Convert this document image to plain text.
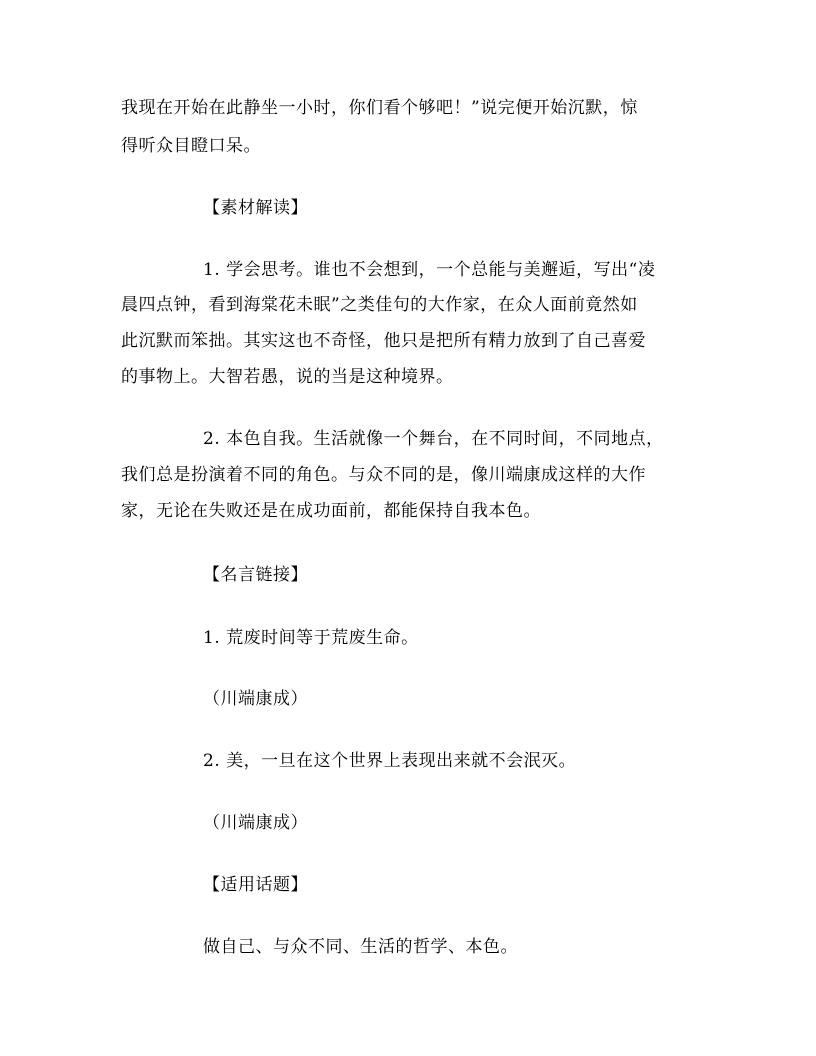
我现在开始在此静坐一小时，你们看个够吧！”说完便开始沉默，惊
得听众目瞪口呆。
【素材解读】
1. 学会思考。谁也不会想到，一个总能与美邂逅，写出“凌
晨四点钟，看到海棠花未眠”之类佳句的大作家，在众人面前竟然如
此沉默而笨拙。其实这也不奇怪，他只是把所有精力放到了自己喜爱
的事物上。大智若愚，说的当是这种境界。
2. 本色自我。生活就像一个舞台，在不同时间，不同地点，
我们总是扮演着不同的角色。与众不同的是，像川端康成这样的大作
家，无论在失败还是在成功面前，都能保持自我本色。
【名言链接】
1. 荒废时间等于荒废生命。
（川端康成）
2. 美，一旦在这个世界上表现出来就不会泯灭。
（川端康成）
【适用话题】
做自己、与众不同、生活的哲学、本色。
